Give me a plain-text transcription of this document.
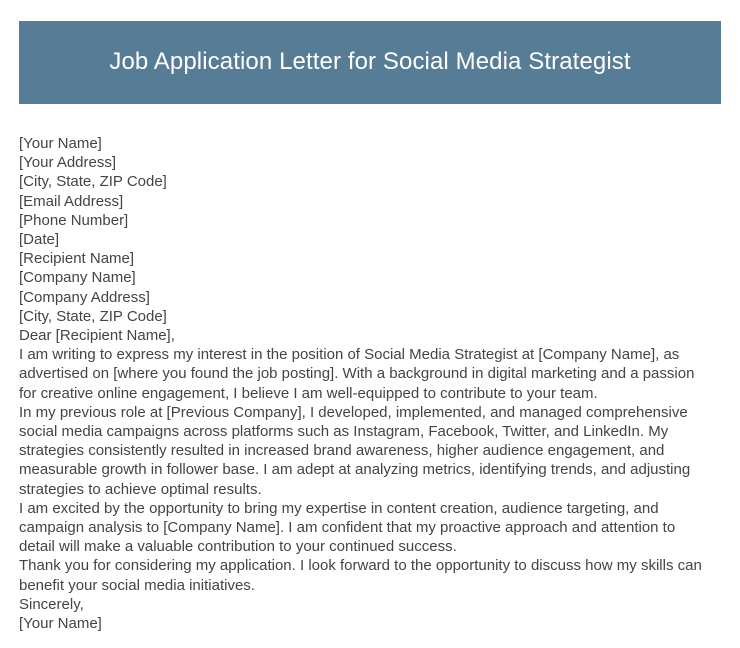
Job Application Letter for Social Media Strategist
[Your Name]
[Your Address]
[City, State, ZIP Code]
[Email Address]
[Phone Number]
[Date]
[Recipient Name]
[Company Name]
[Company Address]
[City, State, ZIP Code]
Dear [Recipient Name],
I am writing to express my interest in the position of Social Media Strategist at [Company Name], as advertised on [where you found the job posting]. With a background in digital marketing and a passion for creative online engagement, I believe I am well-equipped to contribute to your team.
In my previous role at [Previous Company], I developed, implemented, and managed comprehensive social media campaigns across platforms such as Instagram, Facebook, Twitter, and LinkedIn. My strategies consistently resulted in increased brand awareness, higher audience engagement, and measurable growth in follower base. I am adept at analyzing metrics, identifying trends, and adjusting strategies to achieve optimal results.
I am excited by the opportunity to bring my expertise in content creation, audience targeting, and campaign analysis to [Company Name]. I am confident that my proactive approach and attention to detail will make a valuable contribution to your continued success.
Thank you for considering my application. I look forward to the opportunity to discuss how my skills can benefit your social media initiatives.
Sincerely,
[Your Name]
